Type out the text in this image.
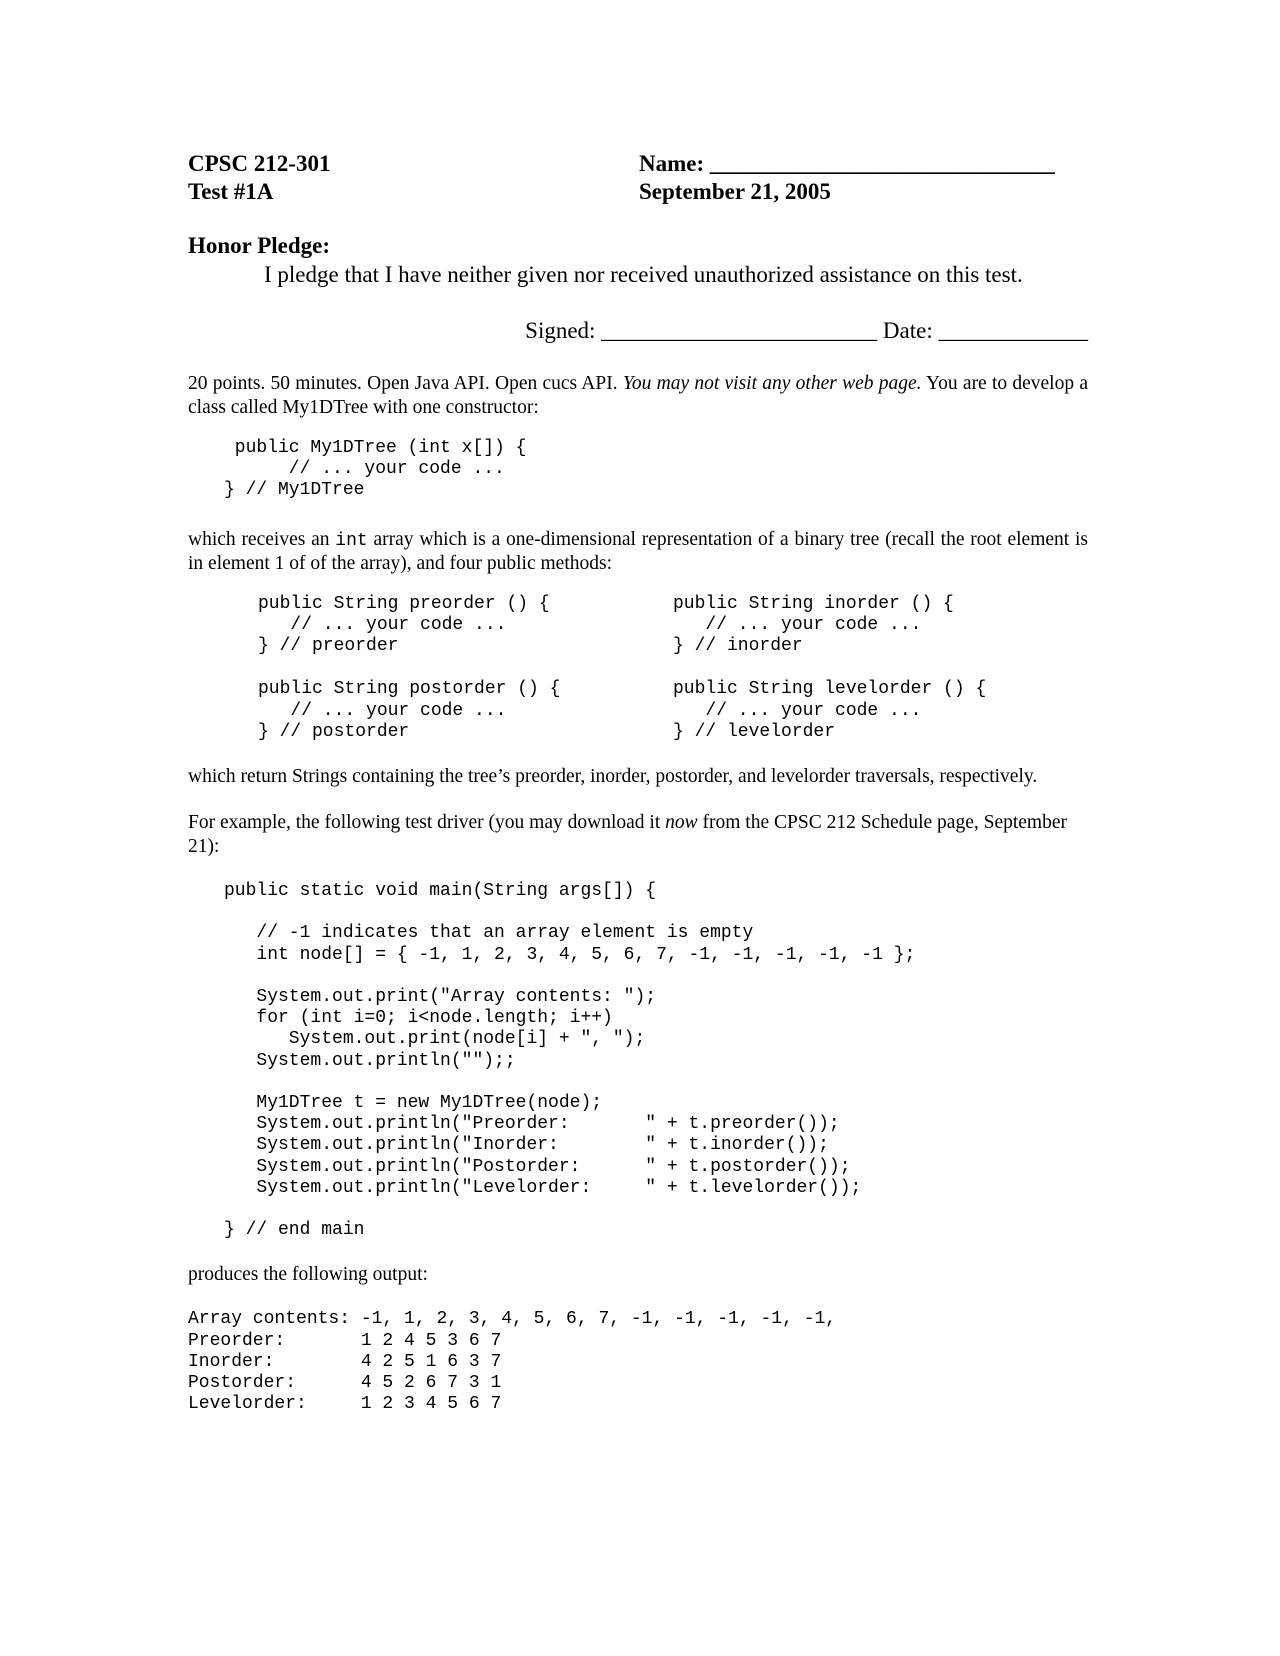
CPSC 212-301
Test #1A
Name: ______________________________
September 21, 2005
Honor Pledge:
I pledge that I have neither given nor received unauthorized assistance on this test.
Signed: ________________________ Date: _____________

20 points. 50 minutes. Open Java API. Open cucs API. You may not visit any other web page. You are to develop a class called My1DTree with one constructor:

public My1DTree (int x[]) {
// ... your code ...
} // My1DTree

which receives an int array which is a one-dimensional representation of a binary tree (recall the root element is in element 1 of of the array), and four public methods:

public String preorder () {
// ... your code ...
} // preorder
public String inorder () {
// ... your code ...
} // inorder
public String postorder () {
// ... your code ...
} // postorder
public String levelorder () {
// ... your code ...
} // levelorder

which return Strings containing the tree’s preorder, inorder, postorder, and levelorder traversals, respectively.

For example, the following test driver (you may download it now from the CPSC 212 Schedule page, September 21):

public static void main(String args[]) {

// -1 indicates that an array element is empty
int node[] = { -1, 1, 2, 3, 4, 5, 6, 7, -1, -1, -1, -1, -1 };

System.out.print("Array contents: ");
for (int i=0; i<node.length; i++)
System.out.print(node[i] + ", ");
System.out.println("");;

My1DTree t = new My1DTree(node);
System.out.println("Preorder:       " + t.preorder());
System.out.println("Inorder:        " + t.inorder());
System.out.println("Postorder:      " + t.postorder());
System.out.println("Levelorder:     " + t.levelorder());

} // end main

produces the following output:

Array contents: -1, 1, 2, 3, 4, 5, 6, 7, -1, -1, -1, -1, -1,
Preorder:       1 2 4 5 3 6 7
Inorder:        4 2 5 1 6 3 7
Postorder:      4 5 2 6 7 3 1
Levelorder:     1 2 3 4 5 6 7
